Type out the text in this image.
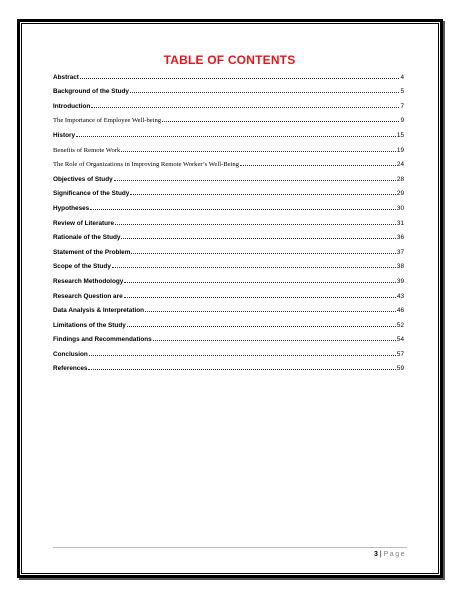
TABLE OF CONTENTS
Abstract	4
Background of the Study	5
Introduction	7
The Importance of Employee Well-being	9
History	15
Benefits of Remote Work	19
The Role of Organizations in Improving Remote Worker’s Well-Being	24
Objectives of Study	28
Significance of the Study	29
Hypotheses	30
Review of Literature	31
Rationale of the Study	36
Statement of the Problem	37
Scope of the Study	38
Research Methodology	39
Research Question are	43
Data Analysis & Interpretation	46
Limitations of the Study	52
Findings and Recommendations	54
Conclusion	57
References	59
3 | Page
